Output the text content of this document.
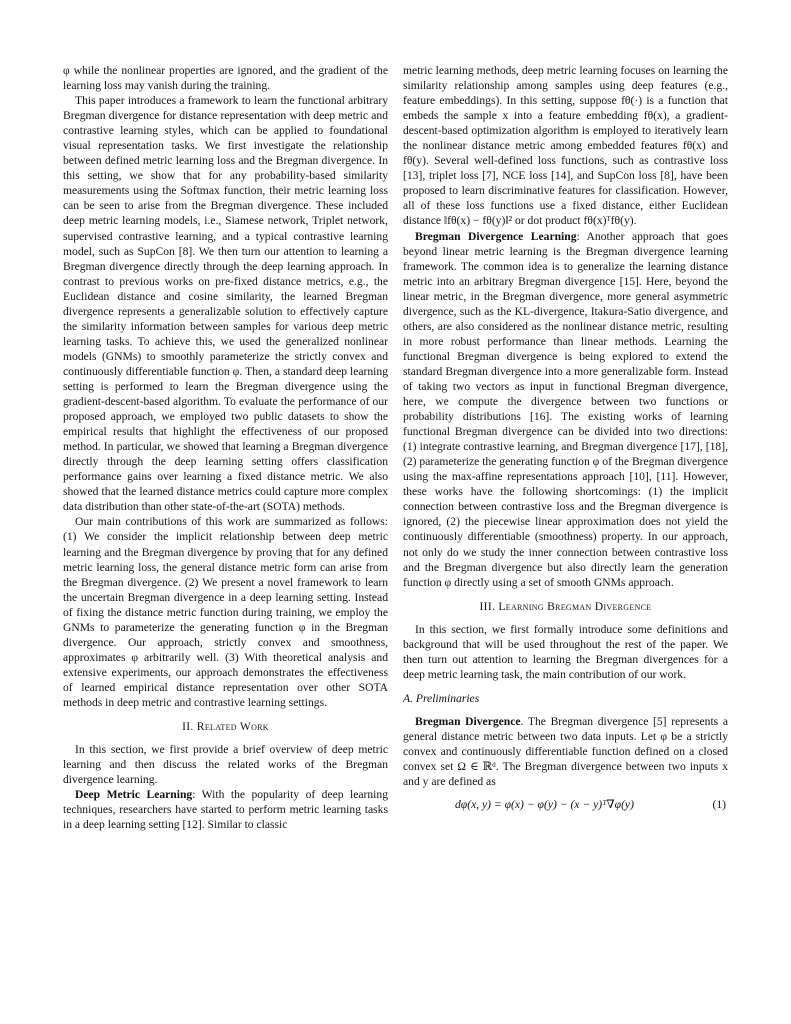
φ while the nonlinear properties are ignored, and the gradient of the learning loss may vanish during the training.

This paper introduces a framework to learn the functional arbitrary Bregman divergence for distance representation with deep metric and contrastive learning styles, which can be applied to foundational visual representation tasks. We first investigate the relationship between defined metric learning loss and the Bregman divergence. In this setting, we show that for any probability-based similarity measurements using the Softmax function, their metric learning loss can be seen to arise from the Bregman divergence. These included deep metric learning models, i.e., Siamese network, Triplet network, supervised contrastive learning, and a typical contrastive learning model, such as SupCon [8]. We then turn our attention to learning a Bregman divergence directly through the deep learning approach. In contrast to previous works on pre-fixed distance metrics, e.g., the Euclidean distance and cosine similarity, the learned Bregman divergence represents a generalizable solution to effectively capture the similarity information between samples for various deep metric learning tasks. To achieve this, we used the generalized nonlinear models (GNMs) to smoothly parameterize the strictly convex and continuously differentiable function φ. Then, a standard deep learning setting is performed to learn the Bregman divergence using the gradient-descent-based algorithm. To evaluate the performance of our proposed approach, we employed two public datasets to show the empirical results that highlight the effectiveness of our proposed method. In particular, we showed that learning a Bregman divergence directly through the deep learning setting offers classification performance gains over learning a fixed distance metric. We also showed that the learned distance metrics could capture more complex data distribution than other state-of-the-art (SOTA) methods.

Our main contributions of this work are summarized as follows: (1) We consider the implicit relationship between deep metric learning and the Bregman divergence by proving that for any defined metric learning loss, the general distance metric form can arise from the Bregman divergence. (2) We present a novel framework to learn the uncertain Bregman divergence in a deep learning setting. Instead of fixing the distance metric function during training, we employ the GNMs to parameterize the generating function φ in the Bregman divergence. Our approach, strictly convex and smoothness, approximates φ arbitrarily well. (3) With theoretical analysis and extensive experiments, our approach demonstrates the effectiveness of learned empirical distance representation over other SOTA methods in deep metric and contrastive learning settings.

II. Related Work

In this section, we first provide a brief overview of deep metric learning and then discuss the related works of the Bregman divergence learning.

Deep Metric Learning: With the popularity of deep learning techniques, researchers have started to perform metric learning tasks in a deep learning setting [12]. Similar to classic

metric learning methods, deep metric learning focuses on learning the similarity relationship among samples using deep features (e.g., feature embeddings). In this setting, suppose fθ(·) is a function that embeds the sample x into a feature embedding fθ(x), a gradient-descent-based optimization algorithm is employed to iteratively learn the nonlinear distance metric among embedded features fθ(x) and fθ(y). Several well-defined loss functions, such as contrastive loss [13], triplet loss [7], NCE loss [14], and SupCon loss [8], have been proposed to learn discriminative features for classification. However, all of these loss functions use a fixed distance, either Euclidean distance ‖fθ(x) − fθ(y)‖² or dot product fθ(x)ᵀfθ(y).

Bregman Divergence Learning: Another approach that goes beyond linear metric learning is the Bregman divergence learning framework. The common idea is to generalize the learning distance metric into an arbitrary Bregman divergence [15]. Here, beyond the linear metric, in the Bregman divergence, more general asymmetric divergence, such as the KL-divergence, Itakura-Satio divergence, and others, are also considered as the nonlinear distance metric, resulting in more robust performance than linear methods. Learning the functional Bregman divergence is being explored to extend the standard Bregman divergence into a more generalizable form. Instead of taking two vectors as input in functional Bregman divergence, here, we compute the divergence between two functions or probability distributions [16]. The existing works of learning functional Bregman divergence can be divided into two directions: (1) integrate contrastive learning, and Bregman divergence [17], [18], (2) parameterize the generating function φ of the Bregman divergence using the max-affine representations approach [10], [11]. However, these works have the following shortcomings: (1) the implicit connection between contrastive loss and the Bregman divergence is ignored, (2) the piecewise linear approximation does not yield the continuously differentiable (smoothness) property. In our approach, not only do we study the inner connection between contrastive loss and the Bregman divergence but also directly learn the generation function φ directly using a set of smooth GNMs approach.

III. Learning Bregman Divergence

In this section, we first formally introduce some definitions and background that will be used throughout the rest of the paper. We then turn out attention to learning the Bregman divergences for a deep metric learning task, the main contribution of our work.

A. Preliminaries

Bregman Divergence. The Bregman divergence [5] represents a general distance metric between two data inputs. Let φ be a strictly convex and continuously differentiable function defined on a closed convex set Ω ∈ ℝᵈ. The Bregman divergence between two inputs x and y are defined as

dφ(x, y) = φ(x) − φ(y) − (x − y)ᵀ∇φ(y)	(1)
